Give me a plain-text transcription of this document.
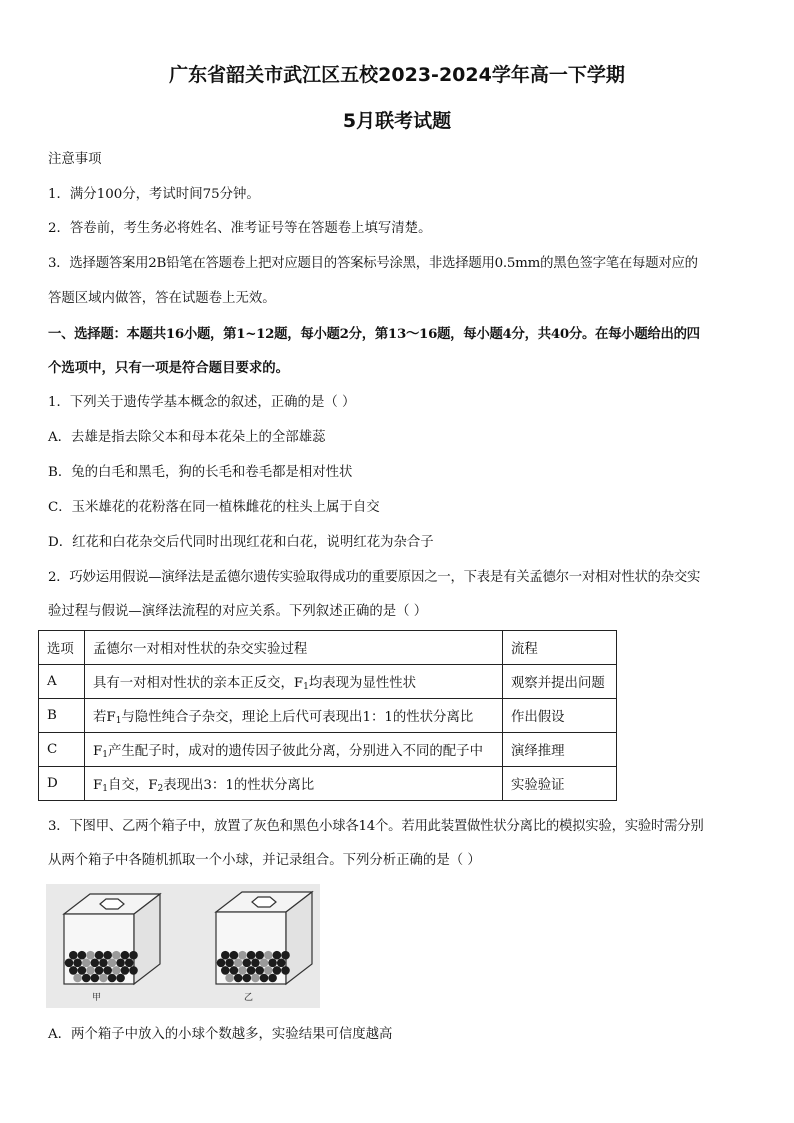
广东省韶关市武江区五校2023-2024学年高一下学期
5月联考试题
注意事项
1．满分100分，考试时间75分钟。
2．答卷前，考生务必将姓名、准考证号等在答题卷上填写清楚。
3．选择题答案用2B铅笔在答题卷上把对应题目的答案标号涂黑，非选择题用0.5mm的黑色签字笔在每题对应的
答题区域内做答，答在试题卷上无效。
一、选择题：本题共16小题，第1~12题，每小题2分，第13～16题，每小题4分，共40分。在每小题给出的四
个选项中，只有一项是符合题目要求的。
1．下列关于遗传学基本概念的叙述，正确的是（ ）
A．去雄是指去除父本和母本花朵上的全部雄蕊
B．兔的白毛和黑毛，狗的长毛和卷毛都是相对性状
C．玉米雄花的花粉落在同一植株雌花的柱头上属于自交
D．红花和白花杂交后代同时出现红花和白花，说明红花为杂合子
2．巧妙运用假说—演绎法是孟德尔遗传实验取得成功的重要原因之一，下表是有关孟德尔一对相对性状的杂交实
验过程与假说—演绎法流程的对应关系。下列叙述正确的是（ ）
选项	孟德尔一对相对性状的杂交实验过程	流程
A	具有一对相对性状的亲本正反交，$F_1$均表现为显性性状	观察并提出问题
B	若$F_1$与隐性纯合子杂交，理论上后代可表现出1：1的性状分离比	作出假设
C	$F_1$产生配子时，成对的遗传因子彼此分离，分别进入不同的配子中	演绎推理
D	$F_1$自交，$F_2$表现出3：1的性状分离比	实验验证
3．下图甲、乙两个箱子中，放置了灰色和黑色小球各14个。若用此装置做性状分离比的模拟实验，实验时需分别
从两个箱子中各随机抓取一个小球，并记录组合。下列分析正确的是（ ）
甲	乙
A．两个箱子中放入的小球个数越多，实验结果可信度越高
